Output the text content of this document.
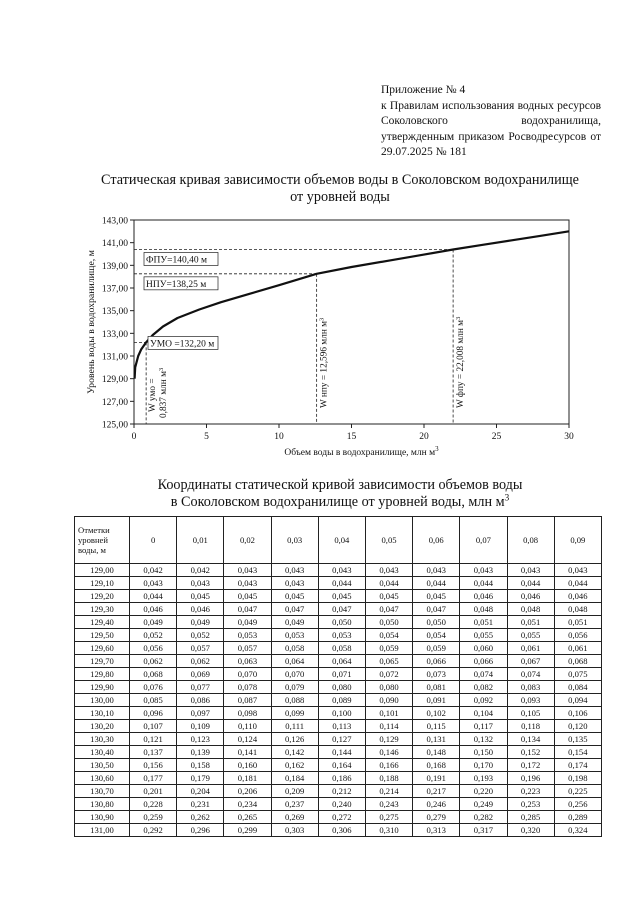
Приложение № 4
к Правилам использования водных ресурсов Соколовского водохранилища, утвержденным приказом Росводресурсов от 29.07.2025 № 181
Статическая кривая зависимости объемов воды в Соколовском водохранилище
от уровней воды
125,00
127,00
129,00
131,00
133,00
135,00
137,00
139,00
141,00
143,00
0	5	10	15	20	25	30
Объем воды в водохранилище, млн $м^3$
Уровень воды в водохранилище, м	ФПУ=140,40 м
НПУ=138,25 м
УМО =132,20 м	W нпу = 12,596 млн $м^3$
W фпу = 22,008 млн $м^3$
W умо = 0,837 млн $м^3$
Координаты статической кривой зависимости объемов воды
в Соколовском водохранилище от уровней воды, млн $м^3$
Отметки
уровней
воды, м	0	0,01	0,02	0,03	0,04	0,05	0,06	0,07	0,08	0,09
129,00	0,042	0,042	0,043	0,043	0,043	0,043	0,043	0,043	0,043	0,043
129,10	0,043	0,043	0,043	0,043	0,044	0,044	0,044	0,044	0,044	0,044
129,20	0,044	0,045	0,045	0,045	0,045	0,045	0,045	0,046	0,046	0,046
129,30	0,046	0,046	0,047	0,047	0,047	0,047	0,047	0,048	0,048	0,048
129,40	0,049	0,049	0,049	0,049	0,050	0,050	0,050	0,051	0,051	0,051
129,50	0,052	0,052	0,053	0,053	0,053	0,054	0,054	0,055	0,055	0,056
129,60	0,056	0,057	0,057	0,058	0,058	0,059	0,059	0,060	0,061	0,061
129,70	0,062	0,062	0,063	0,064	0,064	0,065	0,066	0,066	0,067	0,068
129,80	0,068	0,069	0,070	0,070	0,071	0,072	0,073	0,074	0,074	0,075
129,90	0,076	0,077	0,078	0,079	0,080	0,080	0,081	0,082	0,083	0,084
130,00	0,085	0,086	0,087	0,088	0,089	0,090	0,091	0,092	0,093	0,094
130,10	0,096	0,097	0,098	0,099	0,100	0,101	0,102	0,104	0,105	0,106
130,20	0,107	0,109	0,110	0,111	0,113	0,114	0,115	0,117	0,118	0,120
130,30	0,121	0,123	0,124	0,126	0,127	0,129	0,131	0,132	0,134	0,135
130,40	0,137	0,139	0,141	0,142	0,144	0,146	0,148	0,150	0,152	0,154
130,50	0,156	0,158	0,160	0,162	0,164	0,166	0,168	0,170	0,172	0,174
130,60	0,177	0,179	0,181	0,184	0,186	0,188	0,191	0,193	0,196	0,198
130,70	0,201	0,204	0,206	0,209	0,212	0,214	0,217	0,220	0,223	0,225
130,80	0,228	0,231	0,234	0,237	0,240	0,243	0,246	0,249	0,253	0,256
130,90	0,259	0,262	0,265	0,269	0,272	0,275	0,279	0,282	0,285	0,289
131,00	0,292	0,296	0,299	0,303	0,306	0,310	0,313	0,317	0,320	0,324
